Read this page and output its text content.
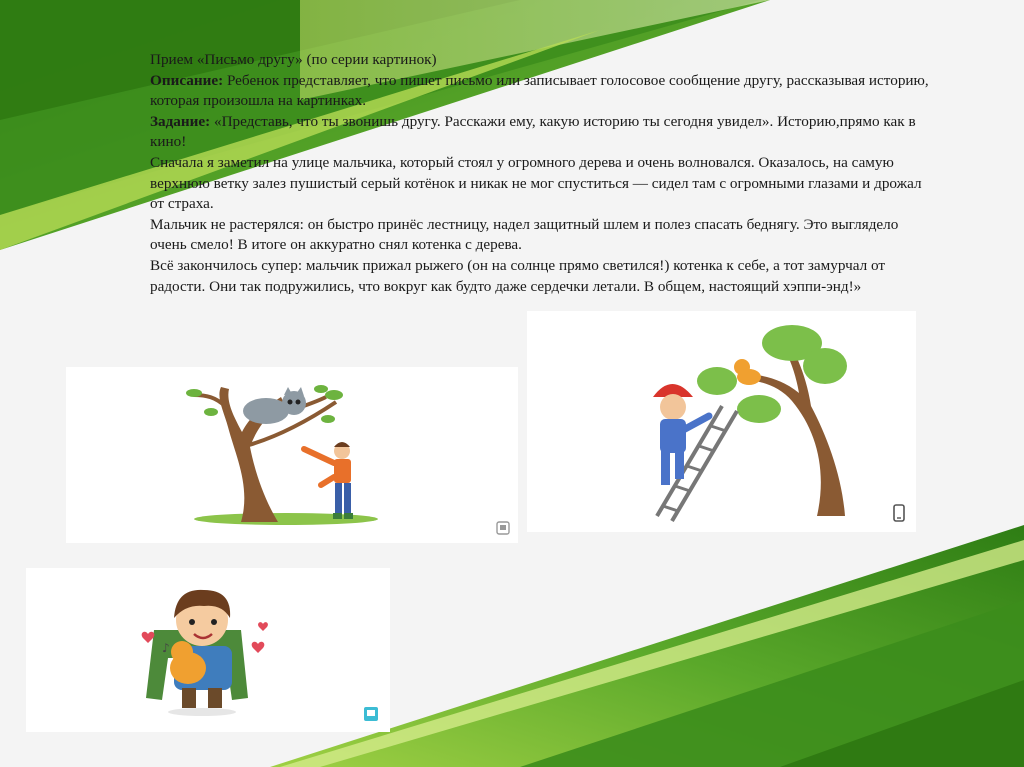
Прием «Письмо другу» (по серии картинок)

Описание: Ребенок представляет, что пишет письмо или записывает голосовое сообщение другу, рассказывая историю, которая произошла на картинках.

Задание: «Представь, что ты звонишь другу. Расскажи ему, какую историю ты сегодня увидел». Историю,прямо как в кино!

Сначала я заметил на улице мальчика, который стоял у огромного дерева и очень волновался. Оказалось, на самую верхнюю ветку залез пушистый серый котёнок и никак не мог спуститься — сидел там с огромными глазами и дрожал от страха.

Мальчик не растерялся: он быстро принёс лестницу, надел защитный шлем и полез спасать беднягу. Это выглядело очень смело! В итоге он аккуратно снял котенка с дерева.

Всё закончилось супер: мальчик прижал рыжего (он на солнце прямо светился!) котенка к себе, а тот замурчал от радости. Они так подружились, что вокруг как будто даже сердечки летали. В общем, настоящий хэппи-энд!»

♪
